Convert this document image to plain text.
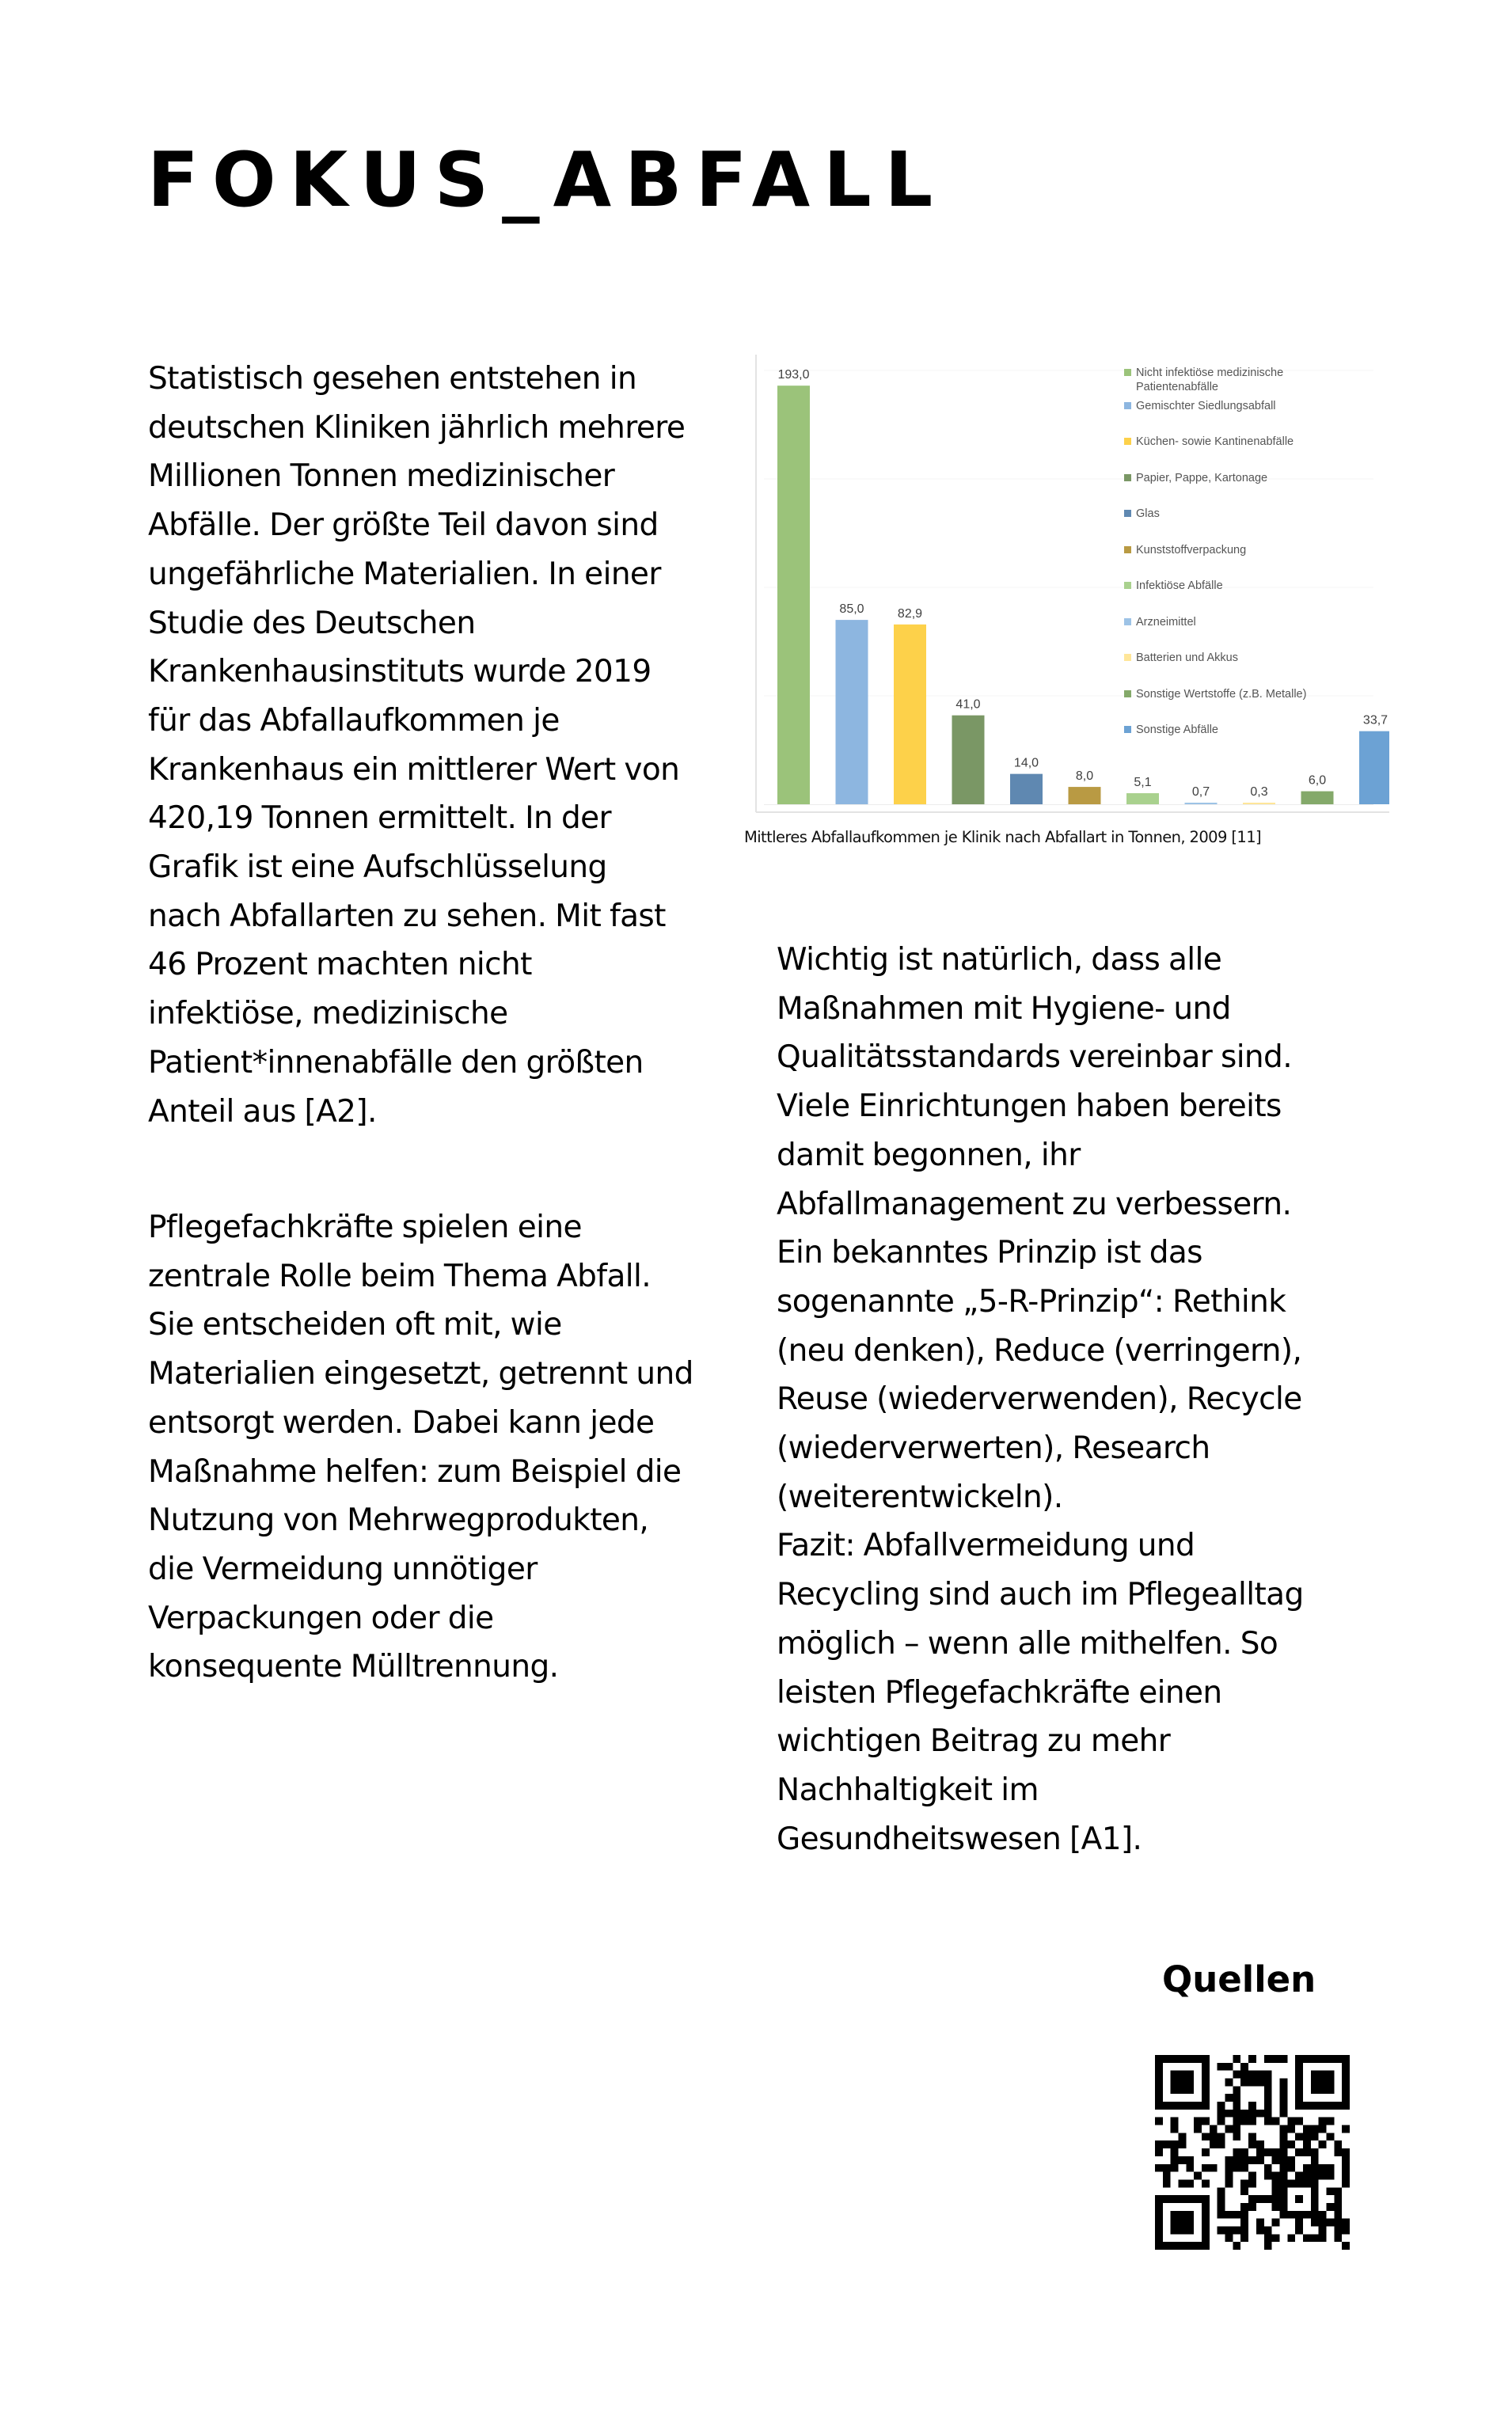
FOKUS_ABFALL
Statistisch gesehen entstehen in
deutschen Kliniken jährlich mehrere
Millionen Tonnen medizinischer
Abfälle. Der größte Teil davon sind
ungefährliche Materialien. In einer
Studie des Deutschen
Krankenhausinstituts wurde 2019
für das Abfallaufkommen je
Krankenhaus ein mittlerer Wert von
420,19 Tonnen ermittelt. In der
Grafik ist eine Aufschlüsselung
nach Abfallarten zu sehen. Mit fast
46 Prozent machten nicht
infektiöse, medizinische
Patient*innenabfälle den größten
Anteil aus [A2].
Pflegefachkräfte spielen eine
zentrale Rolle beim Thema Abfall.
Sie entscheiden oft mit, wie
Materialien eingesetzt, getrennt und
entsorgt werden. Dabei kann jede
Maßnahme helfen: zum Beispiel die
Nutzung von Mehrwegprodukten,
die Vermeidung unnötiger
Verpackungen oder die
konsequente Mülltrennung.
Wichtig ist natürlich, dass alle
Maßnahmen mit Hygiene- und
Qualitätsstandards vereinbar sind.
Viele Einrichtungen haben bereits
damit begonnen, ihr
Abfallmanagement zu verbessern.
Ein bekanntes Prinzip ist das
sogenannte „5-R-Prinzip“: Rethink
(neu denken), Reduce (verringern),
Reuse (wiederverwenden), Recycle
(wiederverwerten), Research
(weiterentwickeln).
Fazit: Abfallvermeidung und
Recycling sind auch im Pflegealltag
möglich – wenn alle mithelfen. So
leisten Pflegefachkräfte einen
wichtigen Beitrag zu mehr
Nachhaltigkeit im
Gesundheitswesen [A1].
193,0
85,0	82,9
41,0
14,0
8,0	5,1
0,7	0,3
6,0
33,7
Nicht infektiöse medizinische
Patientenabfälle
Gemischter Siedlungsabfall
Küchen- sowie Kantinenabfälle
Papier, Pappe, Kartonage
Glas
Kunststoffverpackung
Infektiöse Abfälle
Arzneimittel
Batterien und Akkus
Sonstige Wertstoffe (z.B. Metalle)
Sonstige Abfälle
Mittleres Abfallaufkommen je Klinik nach Abfallart in Tonnen, 2009 [11]
Quellen
